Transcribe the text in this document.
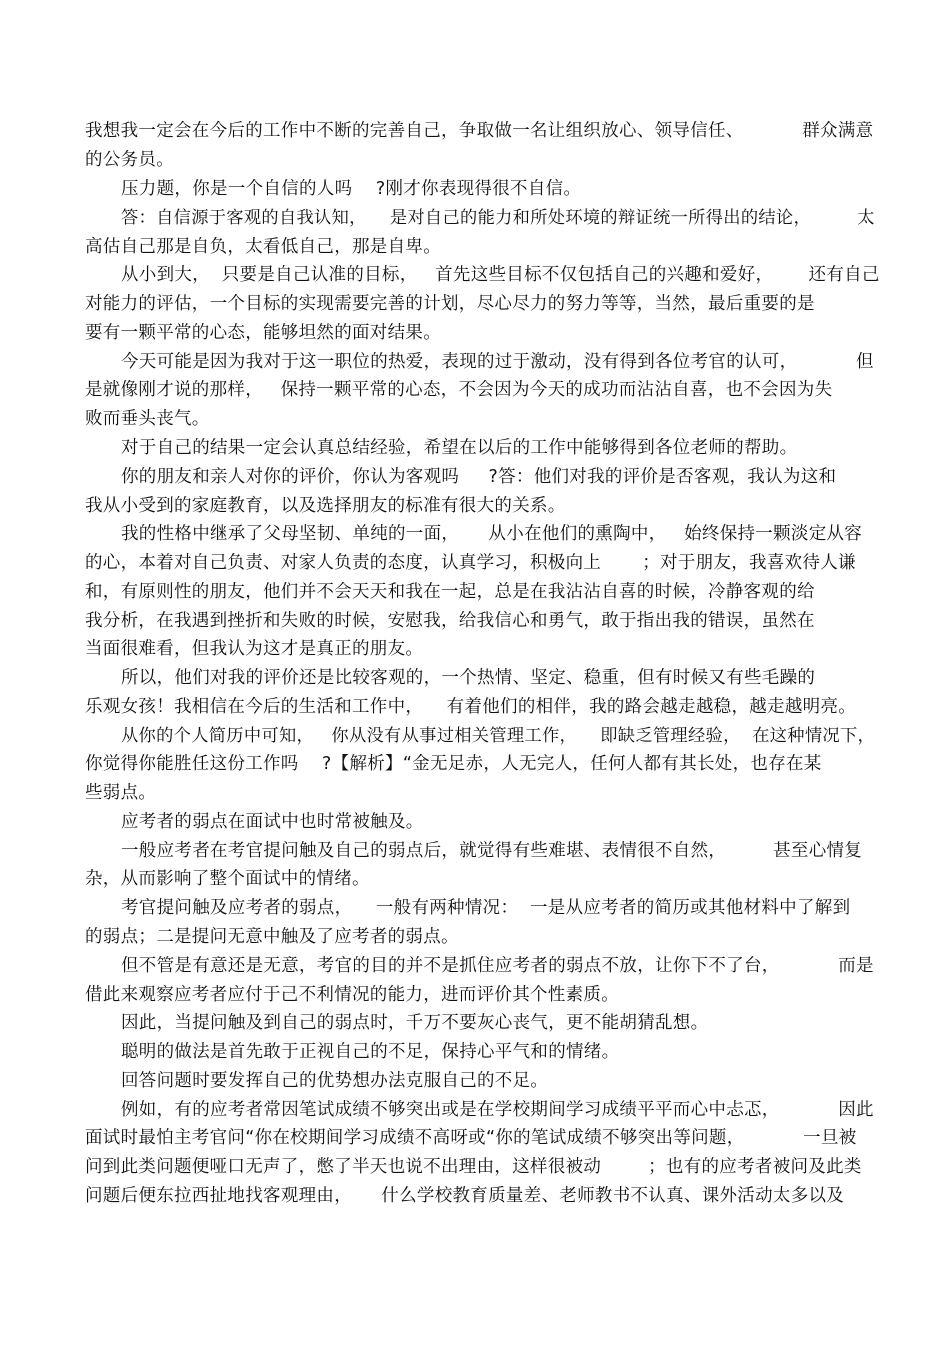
我想我一定会在今后的工作中不断的完善自己，争取做一名让组织放心、领导信任、          群众满意
的公务员。
压力题，你是一个自信的人吗    ?刚才你表现得很不自信。
答：自信源于客观的自我认知，    是对自己的能力和所处环境的辩证统一所得出的结论，        太
高估自己那是自负，太看低自己，那是自卑。
从小到大，  只要是自己认准的目标，   首先这些目标不仅包括自己的兴趣和爱好，      还有自己
对能力的评估，一个目标的实现需要完善的计划，尽心尽力的努力等等，当然，最后重要的是
要有一颗平常的心态，能够坦然的面对结果。
今天可能是因为我对于这一职位的热爱，表现的过于激动，没有得到各位考官的认可，          但
是就像刚才说的那样，   保持一颗平常的心态，不会因为今天的成功而沾沾自喜，也不会因为失
败而垂头丧气。
对于自己的结果一定会认真总结经验，希望在以后的工作中能够得到各位老师的帮助。
你的朋友和亲人对你的评价，你认为客观吗     ?答：他们对我的评价是否客观，我认为这和
我从小受到的家庭教育，以及选择朋友的标准有很大的关系。
我的性格中继承了父母坚韧、单纯的一面，     从小在他们的熏陶中，   始终保持一颗淡定从容
的心，本着对自己负责、对家人负责的态度，认真学习，积极向上       ；对于朋友，我喜欢待人谦
和，有原则性的朋友，他们并不会天天和我在一起，总是在我沾沾自喜的时候，冷静客观的给
我分析，在我遇到挫折和失败的时候，安慰我，给我信心和勇气，敢于指出我的错误，虽然在
当面很难看，但我认为这才是真正的朋友。
所以，他们对我的评价还是比较客观的，一个热情、坚定、稳重，但有时候又有些毛躁的
乐观女孩！我相信在今后的生活和工作中，    有着他们的相伴，我的路会越走越稳，越走越明亮。
从你的个人简历中可知，   你从没有从事过相关管理工作，    即缺乏管理经验，  在这种情况下，
你觉得你能胜任这份工作吗    ?【解析】“金无足赤，人无完人，任何人都有其长处，也存在某
些弱点。
应考者的弱点在面试中也时常被触及。
一般应考者在考官提问触及自己的弱点后，就觉得有些难堪、表情很不自然，        甚至心情复
杂，从而影响了整个面试中的情绪。
考官提问触及应考者的弱点，    一般有两种情况：  一是从应考者的简历或其他材料中了解到
的弱点；二是提问无意中触及了应考者的弱点。
但不管是有意还是无意，考官的目的并不是抓住应考者的弱点不放，让你下不了台，          而是
借此来观察应考者应付于己不利情况的能力，进而评价其个性素质。
因此，当提问触及到自己的弱点时，千万不要灰心丧气，更不能胡猜乱想。
聪明的做法是首先敢于正视自己的不足，保持心平气和的情绪。
回答问题时要发挥自己的优势想办法克服自己的不足。
例如，有的应考者常因笔试成绩不够突出或是在学校期间学习成绩平平而心中忐忑，          因此
面试时最怕主考官问“你在校期间学习成绩不高呀或“你的笔试成绩不够突出等问题，          一旦被
问到此类问题便哑口无声了，憋了半天也说不出理由，这样很被动        ；也有的应考者被问及此类
问题后便东拉西扯地找客观理由，     什么学校教育质量差、老师教书不认真、课外活动太多以及
